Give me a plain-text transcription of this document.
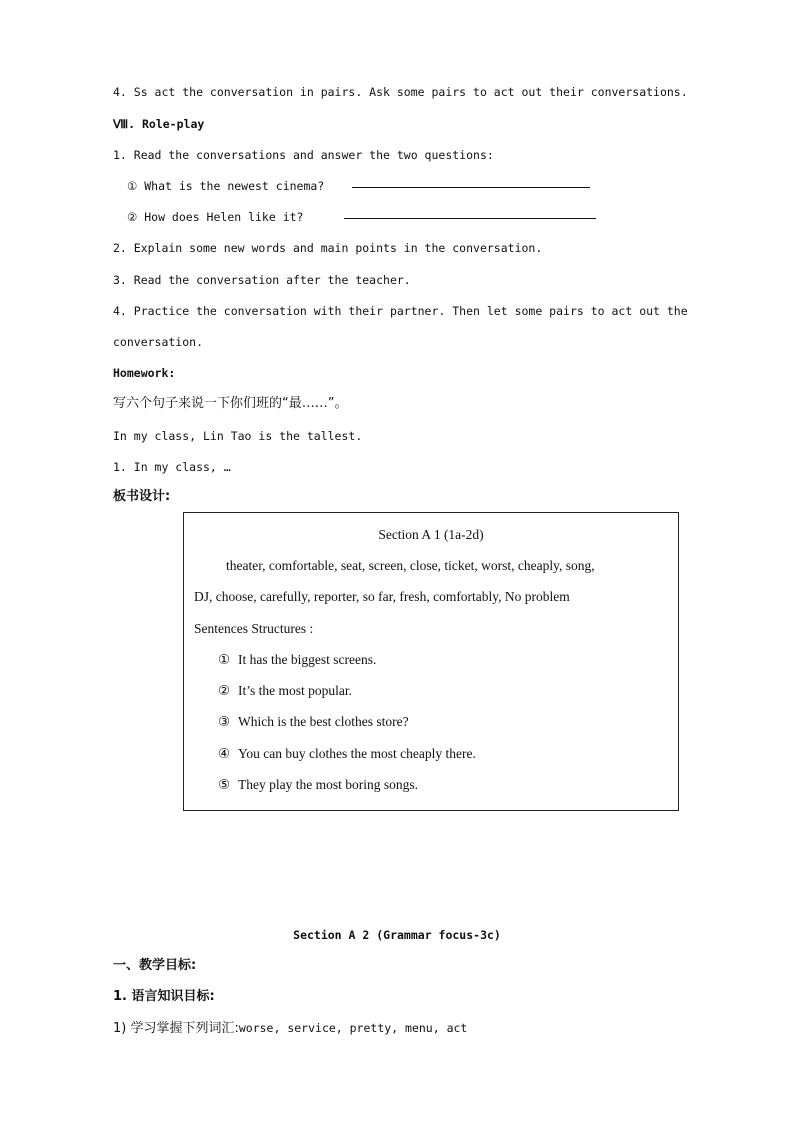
4. Ss act the conversation in pairs. Ask some pairs to act out their conversations.
Ⅷ. Role-play
1. Read the conversations and answer the two questions:
① What is the newest cinema?
② How does Helen like it?
2. Explain some new words and main points in the conversation.
3. Read the conversation after the teacher.
4. Practice the conversation with their partner. Then let some pairs to act out the
conversation.
Homework:
写六个句子来说一下你们班的“最……”。
In my class, Lin Tao is the tallest.
1. In my class, …
板书设计:
Section A 1 (1a-2d)
theater, comfortable, seat, screen, close, ticket, worst, cheaply, song,
DJ, choose, carefully, reporter, so far, fresh, comfortably, No problem
Sentences Structures :
① It has the biggest screens.
② It’s the most popular.
③ Which is the best clothes store?
④ You can buy clothes the most cheaply there.
⑤ They play the most boring songs.
Section A 2 (Grammar focus-3c)
一、教学目标:
1. 语言知识目标:
1) 学习掌握下列词汇:worse, service, pretty, menu, act
